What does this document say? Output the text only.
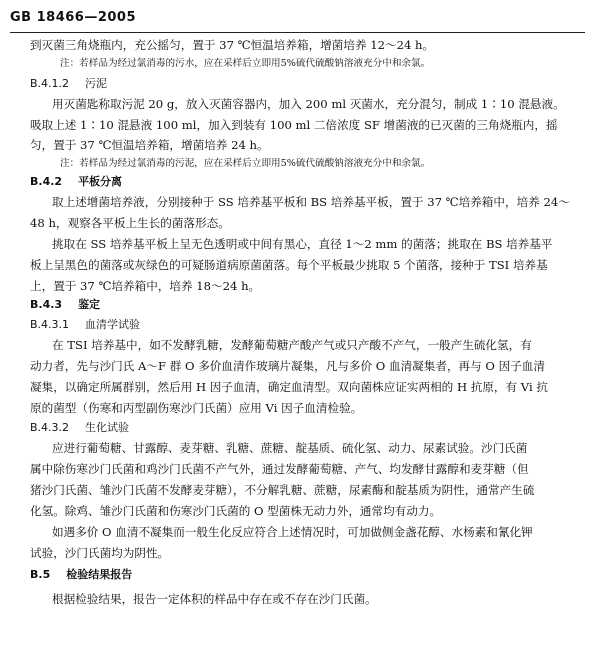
GB 18466—2005
到灭菌三角烧瓶内，充公摇匀，置于 37 ℃恒温培养箱，增菌培养 12～24 h。
注：若样品为经过氯消毒的污水，应在采样后立即用5%硫代硫酸钠溶液充分中和余氯。
B.4.1.2 污泥
用灭菌匙称取污泥 20 g，放入灭菌容器内，加入 200 ml 灭菌水，充分混匀，制成 1∶10 混悬液。
吸取上述 1∶10 混悬液 100 ml，加入到装有 100 ml 二倍浓度 SF 增菌液的已灭菌的三角烧瓶内，摇
匀，置于 37 ℃恒温培养箱，增菌培养 24 h。
注：若样品为经过氯消毒的污泥，应在采样后立即用5%硫代硫酸钠溶液充分中和余氯。
B.4.2 平板分离
取上述增菌培养液，分别接种于 SS 培养基平板和 BS 培养基平板，置于 37 ℃培养箱中，培养 24～
48 h，观察各平板上生长的菌落形态。
挑取在 SS 培养基平板上呈无色透明或中间有黑心，直径 1～2 mm 的菌落；挑取在 BS 培养基平
板上呈黑色的菌落或灰绿色的可疑肠道病原菌菌落。每个平板最少挑取 5 个菌落，接种于 TSI 培养基
上，置于 37 ℃培养箱中，培养 18～24 h。
B.4.3 鉴定
B.4.3.1 血清学试验
在 TSI 培养基中，如不发酵乳糖，发酵葡萄糖产酸产气或只产酸不产气，一般产生硫化氢，有
动力者，先与沙门氏 A～F 群 O 多价血清作玻璃片凝集，凡与多价 O 血清凝集者，再与 O 因子血清
凝集，以确定所属群别，然后用 H 因子血清，确定血清型。双向菌株应证实两相的 H 抗原，有 Vi 抗
原的菌型（伤寒和丙型副伤寒沙门氏菌）应用 Vi 因子血清检验。
B.4.3.2 生化试验
应进行葡萄糖、甘露醇、麦芽糖、乳糖、蔗糖、靛基质、硫化氢、动力、尿素试验。沙门氏菌
属中除伤寒沙门氏菌和鸡沙门氏菌不产气外，通过发酵葡萄糖、产气、均发酵甘露醇和麦芽糖（但
猪沙门氏菌、雏沙门氏菌不发酵麦芽糖），不分解乳糖、蔗糖，尿素酶和靛基质为阴性，通常产生硫
化氢。除鸡、雏沙门氏菌和伤寒沙门氏菌的 O 型菌株无动力外，通常均有动力。
如遇多价 O 血清不凝集而一般生化反应符合上述情况时，可加做侧金盏花醇、水杨素和氰化钾
试验，沙门氏菌均为阴性。
B.5 检验结果报告
根据检验结果，报告一定体积的样品中存在或不存在沙门氏菌。
